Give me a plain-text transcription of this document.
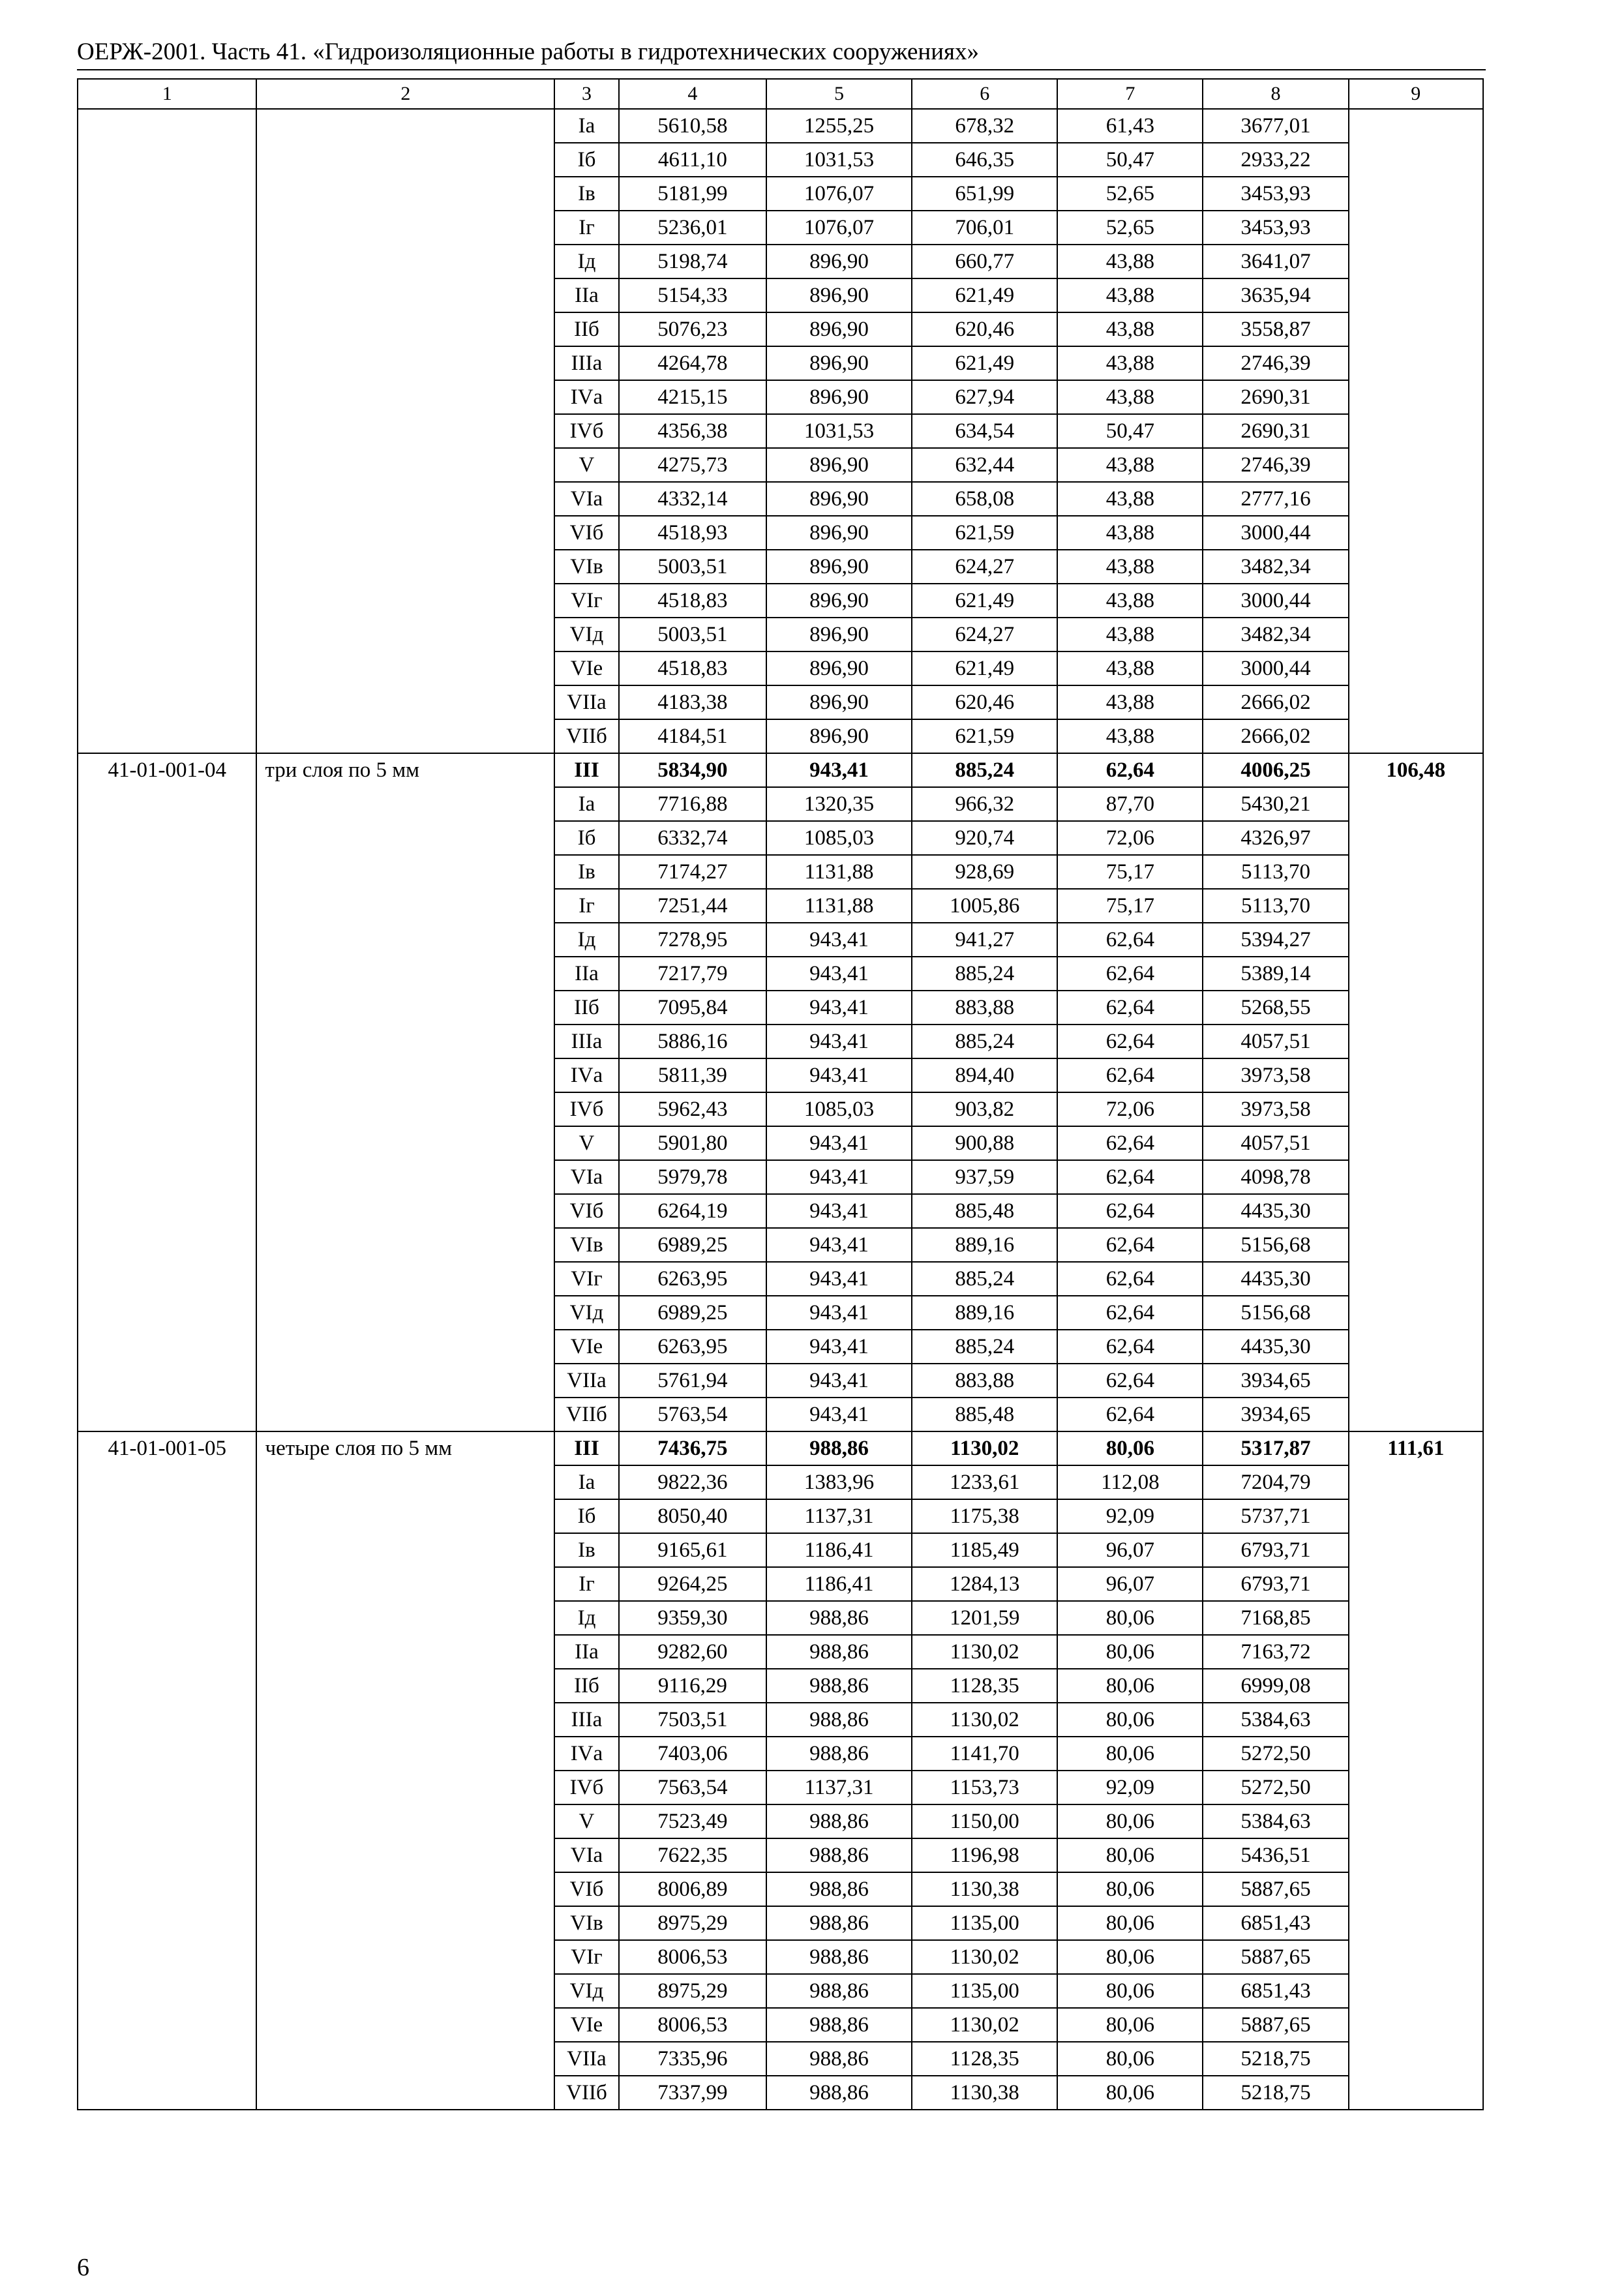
ОЕРЖ-2001. Часть 41. «Гидроизоляционные работы в гидротехнических сооружениях»
1	2	3	4	5	6	7	8	9
		Iа	5610,58	1255,25	678,32	61,43	3677,01	
		Iб	4611,10	1031,53	646,35	50,47	2933,22	
		Iв	5181,99	1076,07	651,99	52,65	3453,93	
		Iг	5236,01	1076,07	706,01	52,65	3453,93	
		Iд	5198,74	896,90	660,77	43,88	3641,07	
		IIа	5154,33	896,90	621,49	43,88	3635,94	
		IIб	5076,23	896,90	620,46	43,88	3558,87	
		IIIа	4264,78	896,90	621,49	43,88	2746,39	
		IVа	4215,15	896,90	627,94	43,88	2690,31	
		IVб	4356,38	1031,53	634,54	50,47	2690,31	
		V	4275,73	896,90	632,44	43,88	2746,39	
		VIа	4332,14	896,90	658,08	43,88	2777,16	
		VIб	4518,93	896,90	621,59	43,88	3000,44	
		VIв	5003,51	896,90	624,27	43,88	3482,34	
		VIг	4518,83	896,90	621,49	43,88	3000,44	
		VIд	5003,51	896,90	624,27	43,88	3482,34	
		VIе	4518,83	896,90	621,49	43,88	3000,44	
		VIIа	4183,38	896,90	620,46	43,88	2666,02	
		VIIб	4184,51	896,90	621,59	43,88	2666,02	
41-01-001-04	три слоя по 5 мм	III	5834,90	943,41	885,24	62,64	4006,25	106,48
		Iа	7716,88	1320,35	966,32	87,70	5430,21	
		Iб	6332,74	1085,03	920,74	72,06	4326,97	
		Iв	7174,27	1131,88	928,69	75,17	5113,70	
		Iг	7251,44	1131,88	1005,86	75,17	5113,70	
		Iд	7278,95	943,41	941,27	62,64	5394,27	
		IIа	7217,79	943,41	885,24	62,64	5389,14	
		IIб	7095,84	943,41	883,88	62,64	5268,55	
		IIIа	5886,16	943,41	885,24	62,64	4057,51	
		IVа	5811,39	943,41	894,40	62,64	3973,58	
		IVб	5962,43	1085,03	903,82	72,06	3973,58	
		V	5901,80	943,41	900,88	62,64	4057,51	
		VIа	5979,78	943,41	937,59	62,64	4098,78	
		VIб	6264,19	943,41	885,48	62,64	4435,30	
		VIв	6989,25	943,41	889,16	62,64	5156,68	
		VIг	6263,95	943,41	885,24	62,64	4435,30	
		VIд	6989,25	943,41	889,16	62,64	5156,68	
		VIе	6263,95	943,41	885,24	62,64	4435,30	
		VIIа	5761,94	943,41	883,88	62,64	3934,65	
		VIIб	5763,54	943,41	885,48	62,64	3934,65	
41-01-001-05	четыре слоя по 5 мм	III	7436,75	988,86	1130,02	80,06	5317,87	111,61
		Iа	9822,36	1383,96	1233,61	112,08	7204,79	
		Iб	8050,40	1137,31	1175,38	92,09	5737,71	
		Iв	9165,61	1186,41	1185,49	96,07	6793,71	
		Iг	9264,25	1186,41	1284,13	96,07	6793,71	
		Iд	9359,30	988,86	1201,59	80,06	7168,85	
		IIа	9282,60	988,86	1130,02	80,06	7163,72	
		IIб	9116,29	988,86	1128,35	80,06	6999,08	
		IIIа	7503,51	988,86	1130,02	80,06	5384,63	
		IVа	7403,06	988,86	1141,70	80,06	5272,50	
		IVб	7563,54	1137,31	1153,73	92,09	5272,50	
		V	7523,49	988,86	1150,00	80,06	5384,63	
		VIа	7622,35	988,86	1196,98	80,06	5436,51	
		VIб	8006,89	988,86	1130,38	80,06	5887,65	
		VIв	8975,29	988,86	1135,00	80,06	6851,43	
		VIг	8006,53	988,86	1130,02	80,06	5887,65	
		VIд	8975,29	988,86	1135,00	80,06	6851,43	
		VIе	8006,53	988,86	1130,02	80,06	5887,65	
		VIIа	7335,96	988,86	1128,35	80,06	5218,75	
		VIIб	7337,99	988,86	1130,38	80,06	5218,75	
6
